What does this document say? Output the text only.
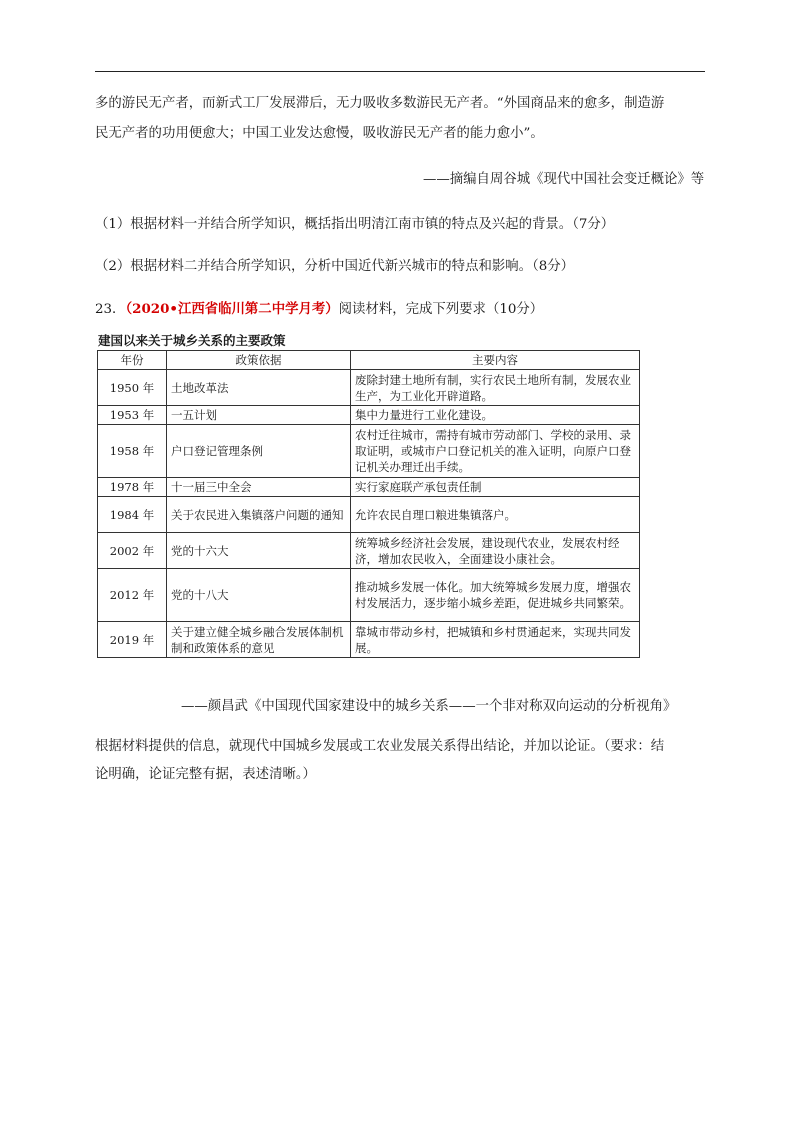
多的游民无产者，而新式工厂发展滞后，无力吸收多数游民无产者。“外国商品来的愈多，制造游
民无产者的功用便愈大；中国工业发达愈慢，吸收游民无产者的能力愈小”。

——摘编自周谷城《现代中国社会变迁概论》等
（1）根据材料一并结合所学知识，概括指出明清江南市镇的特点及兴起的背景。（7分）
（2）根据材料二并结合所学知识，分析中国近代新兴城市的特点和影响。（8分）
23．（2020•江西省临川第二中学月考）阅读材料，完成下列要求（10分）
建国以来关于城乡关系的主要政策
年份	政策依据	主要内容
1950 年	土地改革法	废除封建土地所有制，实行农民土地所有制，发展农业生产，为工业化开辟道路。
1953 年	一五计划	集中力量进行工业化建设。
1958 年	户口登记管理条例	农村迁往城市，需持有城市劳动部门、学校的录用、录取证明，或城市户口登记机关的准入证明，向原户口登记机关办理迁出手续。
1978 年	十一届三中全会	实行家庭联产承包责任制
1984 年	关于农民进入集镇落户问题的通知	允许农民自理口粮进集镇落户。
2002 年	党的十六大	统筹城乡经济社会发展，建设现代农业，发展农村经济，增加农民收入，全面建设小康社会。
2012 年	党的十八大	推动城乡发展一体化。加大统筹城乡发展力度，增强农村发展活力，逐步缩小城乡差距，促进城乡共同繁荣。
2019 年	关于建立健全城乡融合发展体制机制和政策体系的意见	靠城市带动乡村，把城镇和乡村贯通起来，实现共同发展。
——颜昌武《中国现代国家建设中的城乡关系——一个非对称双向运动的分析视角》

根据材料提供的信息，就现代中国城乡发展或工农业发展关系得出结论，并加以论证。（要求：结
论明确，论证完整有据，表述清晰。）
